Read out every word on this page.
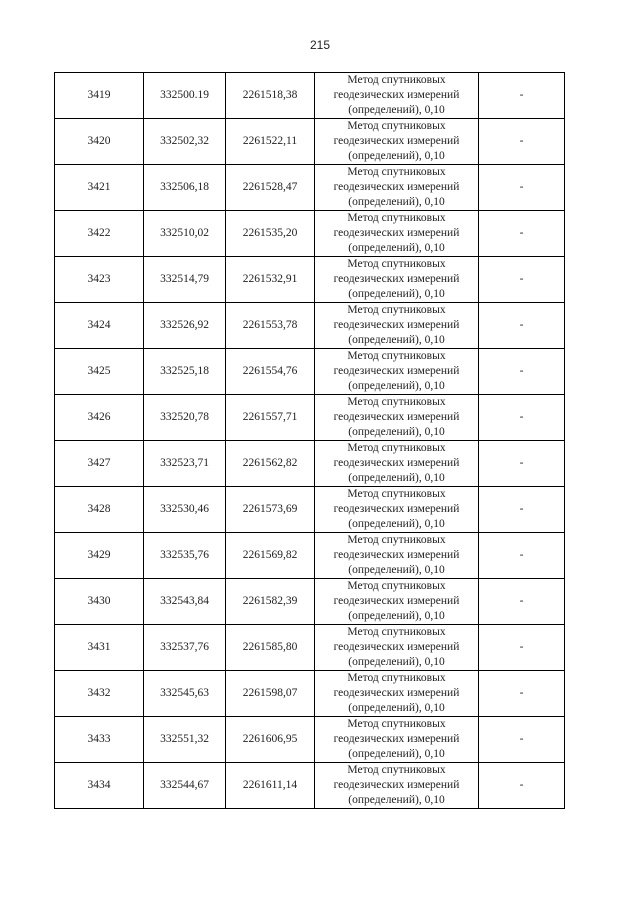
215
3419	332500.19	2261518,38	Метод спутниковых
геодезических измерений
(определений), 0,10	-
3420	332502,32	2261522,11	Метод спутниковых
геодезических измерений
(определений), 0,10	-
3421	332506,18	2261528,47	Метод спутниковых
геодезических измерений
(определений), 0,10	-
3422	332510,02	2261535,20	Метод спутниковых
геодезических измерений
(определений), 0,10	-
3423	332514,79	2261532,91	Метод спутниковых
геодезических измерений
(определений), 0,10	-
3424	332526,92	2261553,78	Метод спутниковых
геодезических измерений
(определений), 0,10	-
3425	332525,18	2261554,76	Метод спутниковых
геодезических измерений
(определений), 0,10	-
3426	332520,78	2261557,71	Метод спутниковых
геодезических измерений
(определений), 0,10	-
3427	332523,71	2261562,82	Метод спутниковых
геодезических измерений
(определений), 0,10	-
3428	332530,46	2261573,69	Метод спутниковых
геодезических измерений
(определений), 0,10	-
3429	332535,76	2261569,82	Метод спутниковых
геодезических измерений
(определений), 0,10	-
3430	332543,84	2261582,39	Метод спутниковых
геодезических измерений
(определений), 0,10	-
3431	332537,76	2261585,80	Метод спутниковых
геодезических измерений
(определений), 0,10	-
3432	332545,63	2261598,07	Метод спутниковых
геодезических измерений
(определений), 0,10	-
3433	332551,32	2261606,95	Метод спутниковых
геодезических измерений
(определений), 0,10	-
3434	332544,67	2261611,14	Метод спутниковых
геодезических измерений
(определений), 0,10	-
